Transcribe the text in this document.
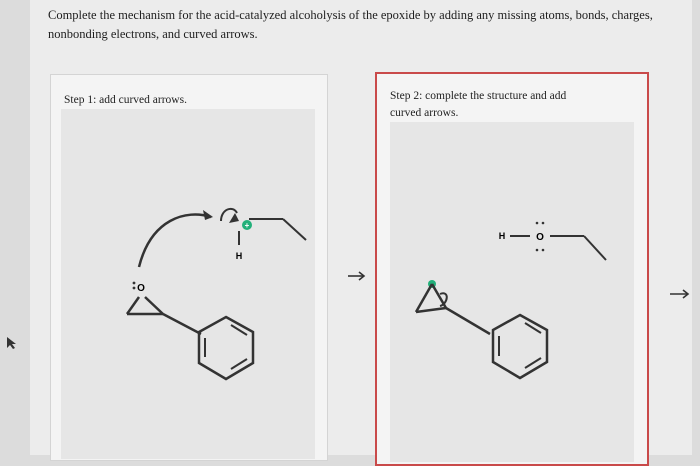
Complete the mechanism for the acid-catalyzed alcoholysis of the epoxide by adding any missing atoms, bonds, charges, nonbonding electrons, and curved arrows.
Step 1: add curved arrows.
+
H
O
Step 2: complete the structure and add curved arrows.
H	O
